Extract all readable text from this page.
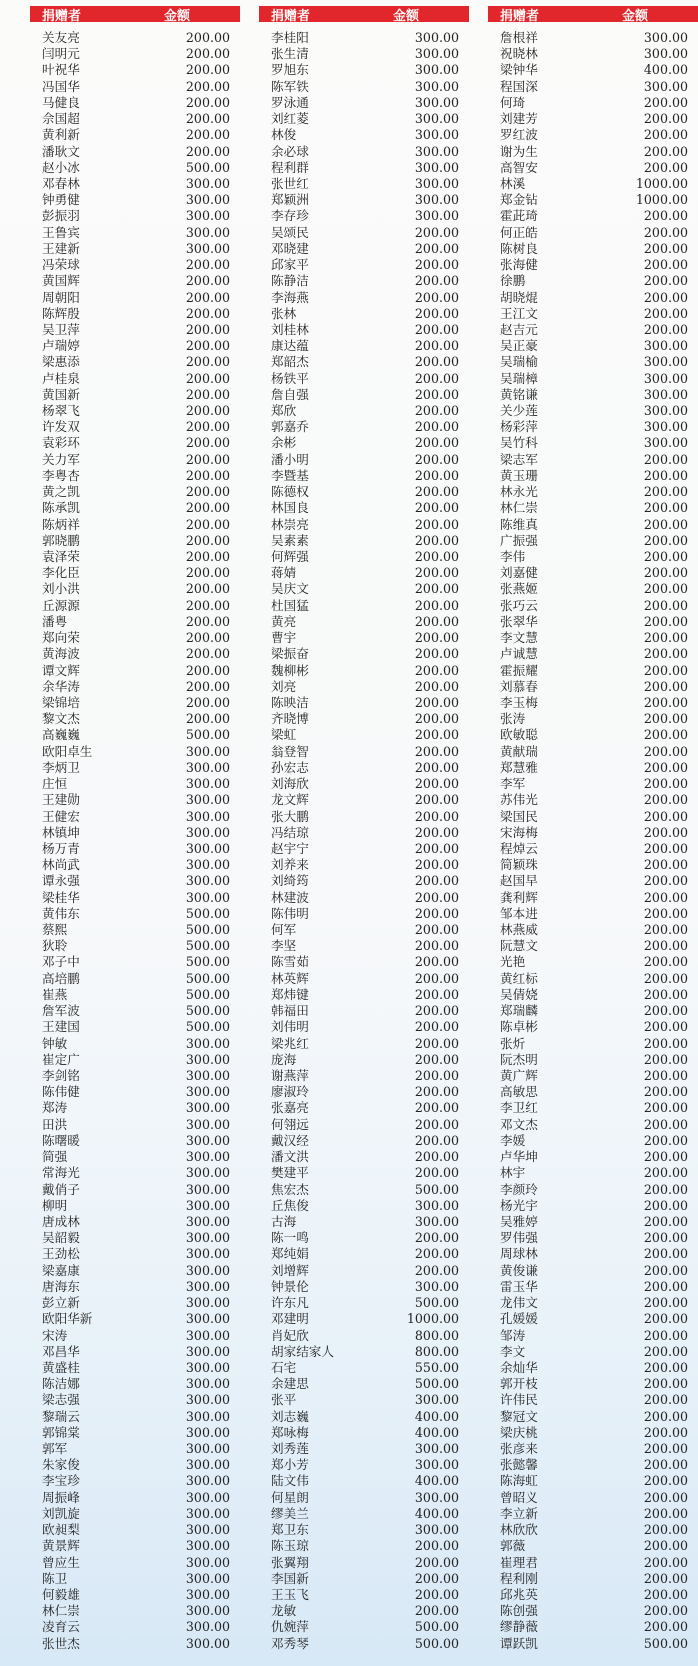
捐赠者	金额
关友亮	200.00
闫明元	200.00
叶祝华	200.00
冯国华	200.00
马健良	200.00
佘国超	200.00
黄利新	200.00
潘耿文	200.00
赵小冰	500.00
邓春林	300.00
钟勇健	300.00
彭振羽	300.00
王鲁宾	300.00
王建新	300.00
冯荣球	200.00
黄国辉	200.00
周朝阳	200.00
陈辉殷	200.00
吴卫萍	200.00
卢瑞婷	200.00
梁惠添	200.00
卢桂泉	200.00
黄国新	200.00
杨翠飞	200.00
许发双	200.00
袁彩环	200.00
关力军	200.00
李粤杏	200.00
黄之凯	200.00
陈承凯	200.00
陈炳祥	200.00
郭晓鹏	200.00
袁泽荣	200.00
李化臣	200.00
刘小洪	200.00
丘源源	200.00
潘粤	200.00
郑向荣	200.00
黄海波	200.00
谭文辉	200.00
余华涛	200.00
梁锦培	200.00
黎文杰	200.00
高巍巍	500.00
欧阳卓生	300.00
李炳卫	300.00
庄恒	300.00
王建勋	300.00
王健宏	300.00
林镇坤	300.00
杨万青	300.00
林尚武	300.00
谭永强	300.00
梁桂华	300.00
黄伟东	500.00
蔡熙	500.00
狄聆	500.00
邓子中	500.00
高培鹏	500.00
崔燕	500.00
詹军波	500.00
王建国	500.00
钟敏	300.00
崔定广	300.00
李剑铭	300.00
陈伟健	300.00
郑涛	300.00
田洪	300.00
陈曙暖	300.00
简强	300.00
常海光	300.00
戴俏子	300.00
柳明	300.00
唐成林	300.00
吴韶毅	300.00
王劲松	300.00
梁嘉康	300.00
唐海东	300.00
彭立新	300.00
欧阳华新	300.00
宋涛	300.00
邓昌华	300.00
黄盛桂	300.00
陈洁娜	300.00
梁志强	300.00
黎瑞云	300.00
郭锦棠	300.00
郭军	300.00
朱家俊	300.00
李宝珍	300.00
周振峰	300.00
刘凯旋	300.00
欧昶梨	300.00
黄景辉	300.00
曾应生	300.00
陈卫	300.00
何毅雄	300.00
林仁崇	300.00
凌育云	300.00
张世杰	300.00
捐赠者	金额
李桂阳	300.00
张生清	300.00
罗旭东	300.00
陈军铁	300.00
罗泳通	300.00
刘红菱	300.00
林俊	300.00
余必球	300.00
程利群	300.00
张世红	300.00
郑颖洲	300.00
李存珍	300.00
吴颂民	200.00
邓晓建	200.00
邱家平	200.00
陈静洁	200.00
李海燕	200.00
张林	200.00
刘桂林	200.00
康达蕴	200.00
郑韶杰	200.00
杨铁平	200.00
詹自强	200.00
郑欣	200.00
郭嘉乔	200.00
余彬	200.00
潘小明	200.00
李暨基	200.00
陈德权	200.00
林国良	200.00
林崇亮	200.00
吴素素	200.00
何辉强	200.00
蒋婧	200.00
吴庆文	200.00
杜国猛	200.00
黄亮	200.00
曹宇	200.00
梁振奋	200.00
魏柳彬	200.00
刘亮	200.00
陈映洁	200.00
齐晓博	200.00
梁虹	200.00
翁登智	200.00
孙宏志	200.00
刘海欣	200.00
龙文辉	200.00
张大鹏	200.00
冯结琼	200.00
赵宇宁	200.00
刘养来	200.00
刘绮筠	200.00
林建波	200.00
陈伟明	200.00
何军	200.00
李坚	200.00
陈雪茹	200.00
林英辉	200.00
郑炜键	200.00
韩福田	200.00
刘伟明	200.00
梁兆红	200.00
庞海	200.00
谢燕萍	200.00
廖淑玲	200.00
张嘉亮	200.00
何翎远	200.00
戴汉经	200.00
潘文洪	200.00
樊建平	200.00
焦宏杰	500.00
丘焦俊	300.00
古海	300.00
陈一鸣	200.00
郑纯娟	200.00
刘增辉	200.00
钟景伦	300.00
许东凡	500.00
邓建明	1000.00
肖妃欣	800.00
胡家结家人	800.00
石宅	550.00
余建思	500.00
张平	300.00
刘志巍	400.00
郑咏梅	400.00
刘秀莲	300.00
郑小芳	300.00
陆文伟	400.00
何星朗	300.00
缪美兰	400.00
郑卫东	300.00
陈玉琼	200.00
张翼翔	200.00
李国新	200.00
王玉飞	200.00
龙敏	200.00
仇婉萍	500.00
邓秀琴	500.00
捐赠者	金额
詹根祥	300.00
祝晓林	300.00
梁钟华	400.00
程国深	300.00
何琦	200.00
刘建芳	200.00
罗红波	200.00
谢为生	200.00
高智安	200.00
林溪	1000.00
郑金钻	1000.00
霍茈琦	200.00
何正皓	200.00
陈树良	200.00
张海健	200.00
徐鹏	200.00
胡晓焜	200.00
王江文	200.00
赵吉元	200.00
吴正豪	300.00
吴瑞榆	300.00
吴瑞樟	300.00
黄铭谦	300.00
关少莲	300.00
杨彩萍	300.00
吴竹科	300.00
梁志军	200.00
黄玉珊	200.00
林永光	200.00
林仁崇	200.00
陈维真	200.00
广振强	200.00
李伟	200.00
刘嘉健	200.00
张燕姬	200.00
张巧云	200.00
张翠华	200.00
李文慧	200.00
卢诚慧	200.00
霍振耀	200.00
刘慕春	200.00
李玉梅	200.00
张涛	200.00
欧敏聪	200.00
黄献瑞	200.00
郑慧雅	200.00
李军	200.00
苏伟光	200.00
梁国民	200.00
宋海梅	200.00
程焯云	200.00
简颖珠	200.00
赵国早	200.00
龚利辉	200.00
邹本进	200.00
林燕威	200.00
阮慧文	200.00
光艳	200.00
黄红标	200.00
吴倩娆	200.00
郑瑞麟	200.00
陈卓彬	200.00
张炘	200.00
阮杰明	200.00
黄广辉	200.00
高敏思	200.00
李卫红	200.00
邓文杰	200.00
李媛	200.00
卢华坤	200.00
林宇	200.00
李颜玲	200.00
杨光宇	200.00
吴雅婷	200.00
罗伟强	200.00
周球林	200.00
黄俊谦	200.00
雷玉华	200.00
龙伟文	200.00
孔媛媛	200.00
邹涛	200.00
李文	200.00
余灿华	200.00
郭开枝	200.00
许伟民	200.00
黎冠文	200.00
梁庆桃	200.00
张彦来	200.00
张懿馨	200.00
陈海虹	200.00
曾昭义	200.00
李立新	200.00
林欣欣	200.00
郭薇	200.00
崔理君	200.00
程利刚	200.00
邱兆英	200.00
陈创强	200.00
缪静薇	200.00
谭跃凯	500.00
